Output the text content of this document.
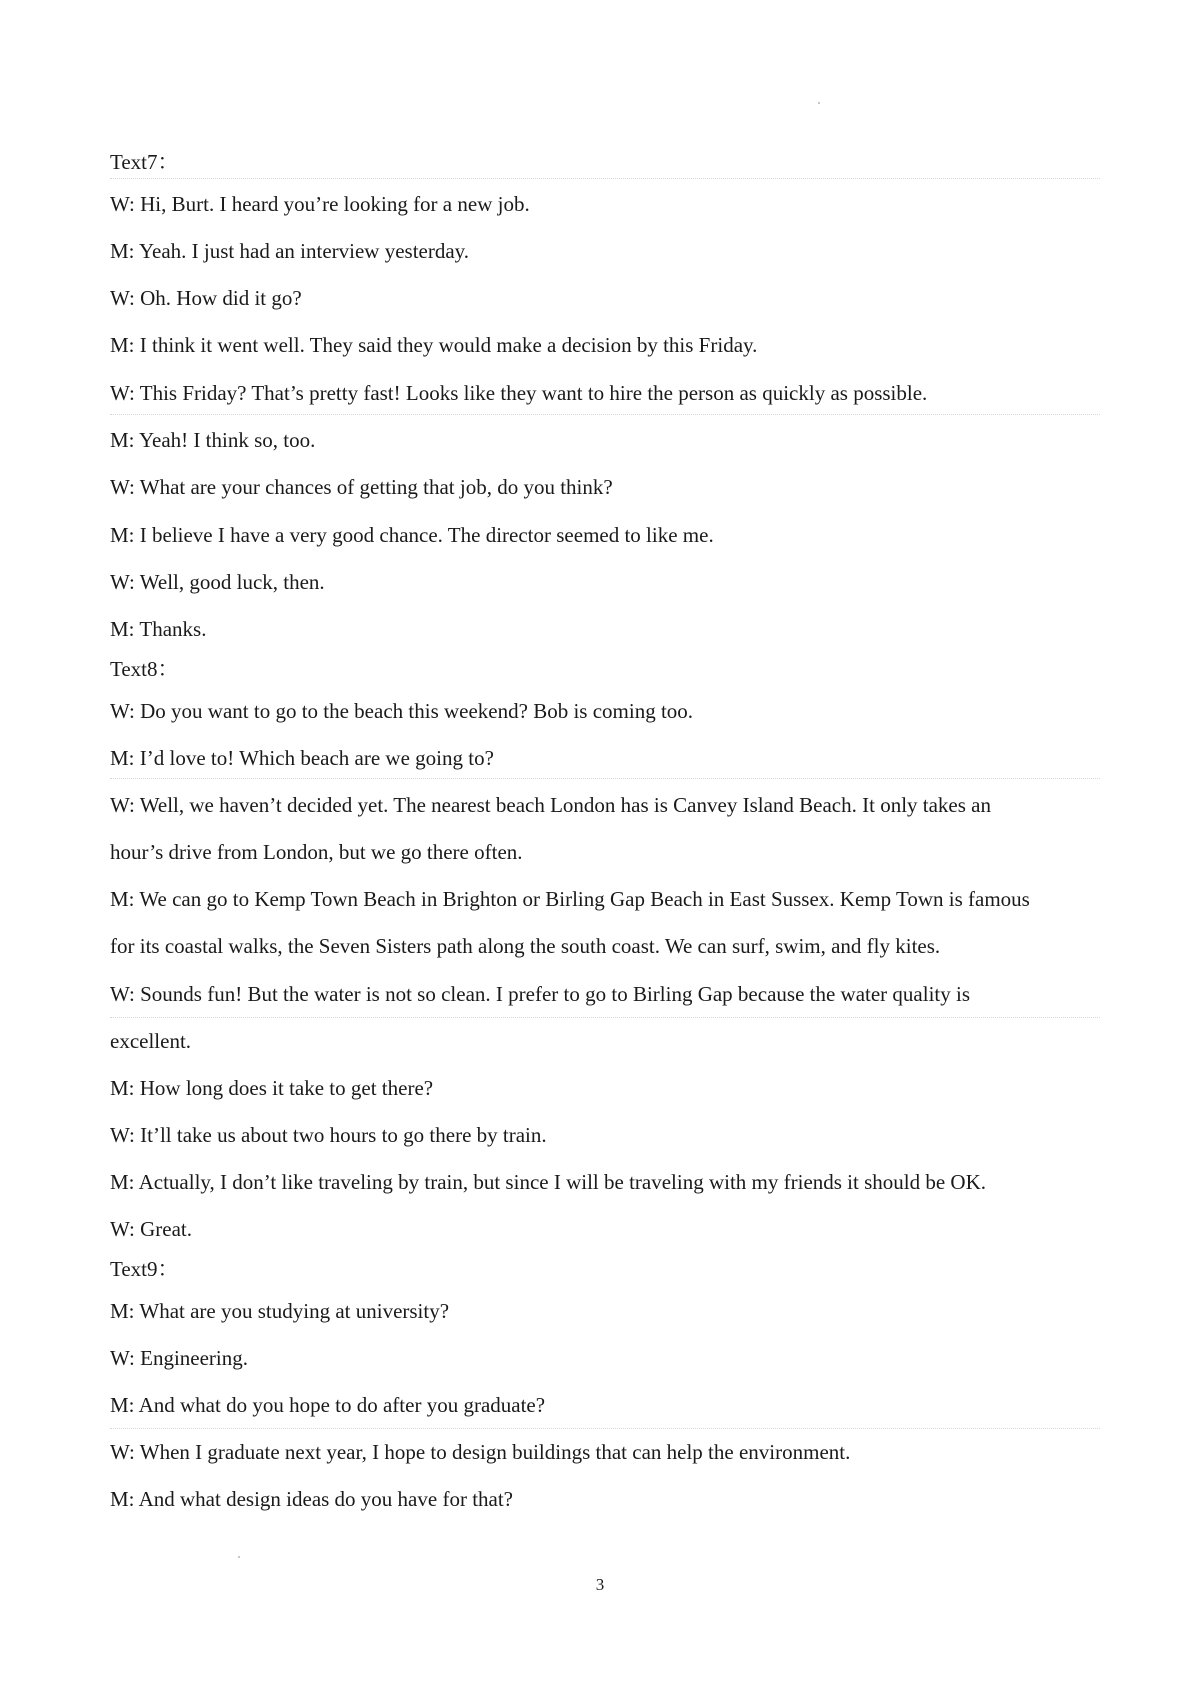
Text7：
W: Hi, Burt. I heard you’re looking for a new job.
M: Yeah. I just had an interview yesterday.
W: Oh. How did it go?
M: I think it went well. They said they would make a decision by this Friday.
W: This Friday? That’s pretty fast! Looks like they want to hire the person as quickly as possible.
M: Yeah! I think so, too.
W: What are your chances of getting that job, do you think?
M: I believe I have a very good chance. The director seemed to like me.
W: Well, good luck, then.
M: Thanks.
Text8：
W: Do you want to go to the beach this weekend? Bob is coming too.
M: I’d love to! Which beach are we going to?
W: Well, we haven’t decided yet. The nearest beach London has is Canvey Island Beach. It only takes an
hour’s drive from London, but we go there often.
M: We can go to Kemp Town Beach in Brighton or Birling Gap Beach in East Sussex. Kemp Town is famous
for its coastal walks, the Seven Sisters path along the south coast. We can surf, swim, and fly kites.
W: Sounds fun! But the water is not so clean. I prefer to go to Birling Gap because the water quality is
excellent.
M: How long does it take to get there?
W: It’ll take us about two hours to go there by train.
M: Actually, I don’t like traveling by train, but since I will be traveling with my friends it should be OK.
W: Great.
Text9：
M: What are you studying at university?
W: Engineering.
M: And what do you hope to do after you graduate?
W: When I graduate next year, I hope to design buildings that can help the environment.
M: And what design ideas do you have for that?
3
